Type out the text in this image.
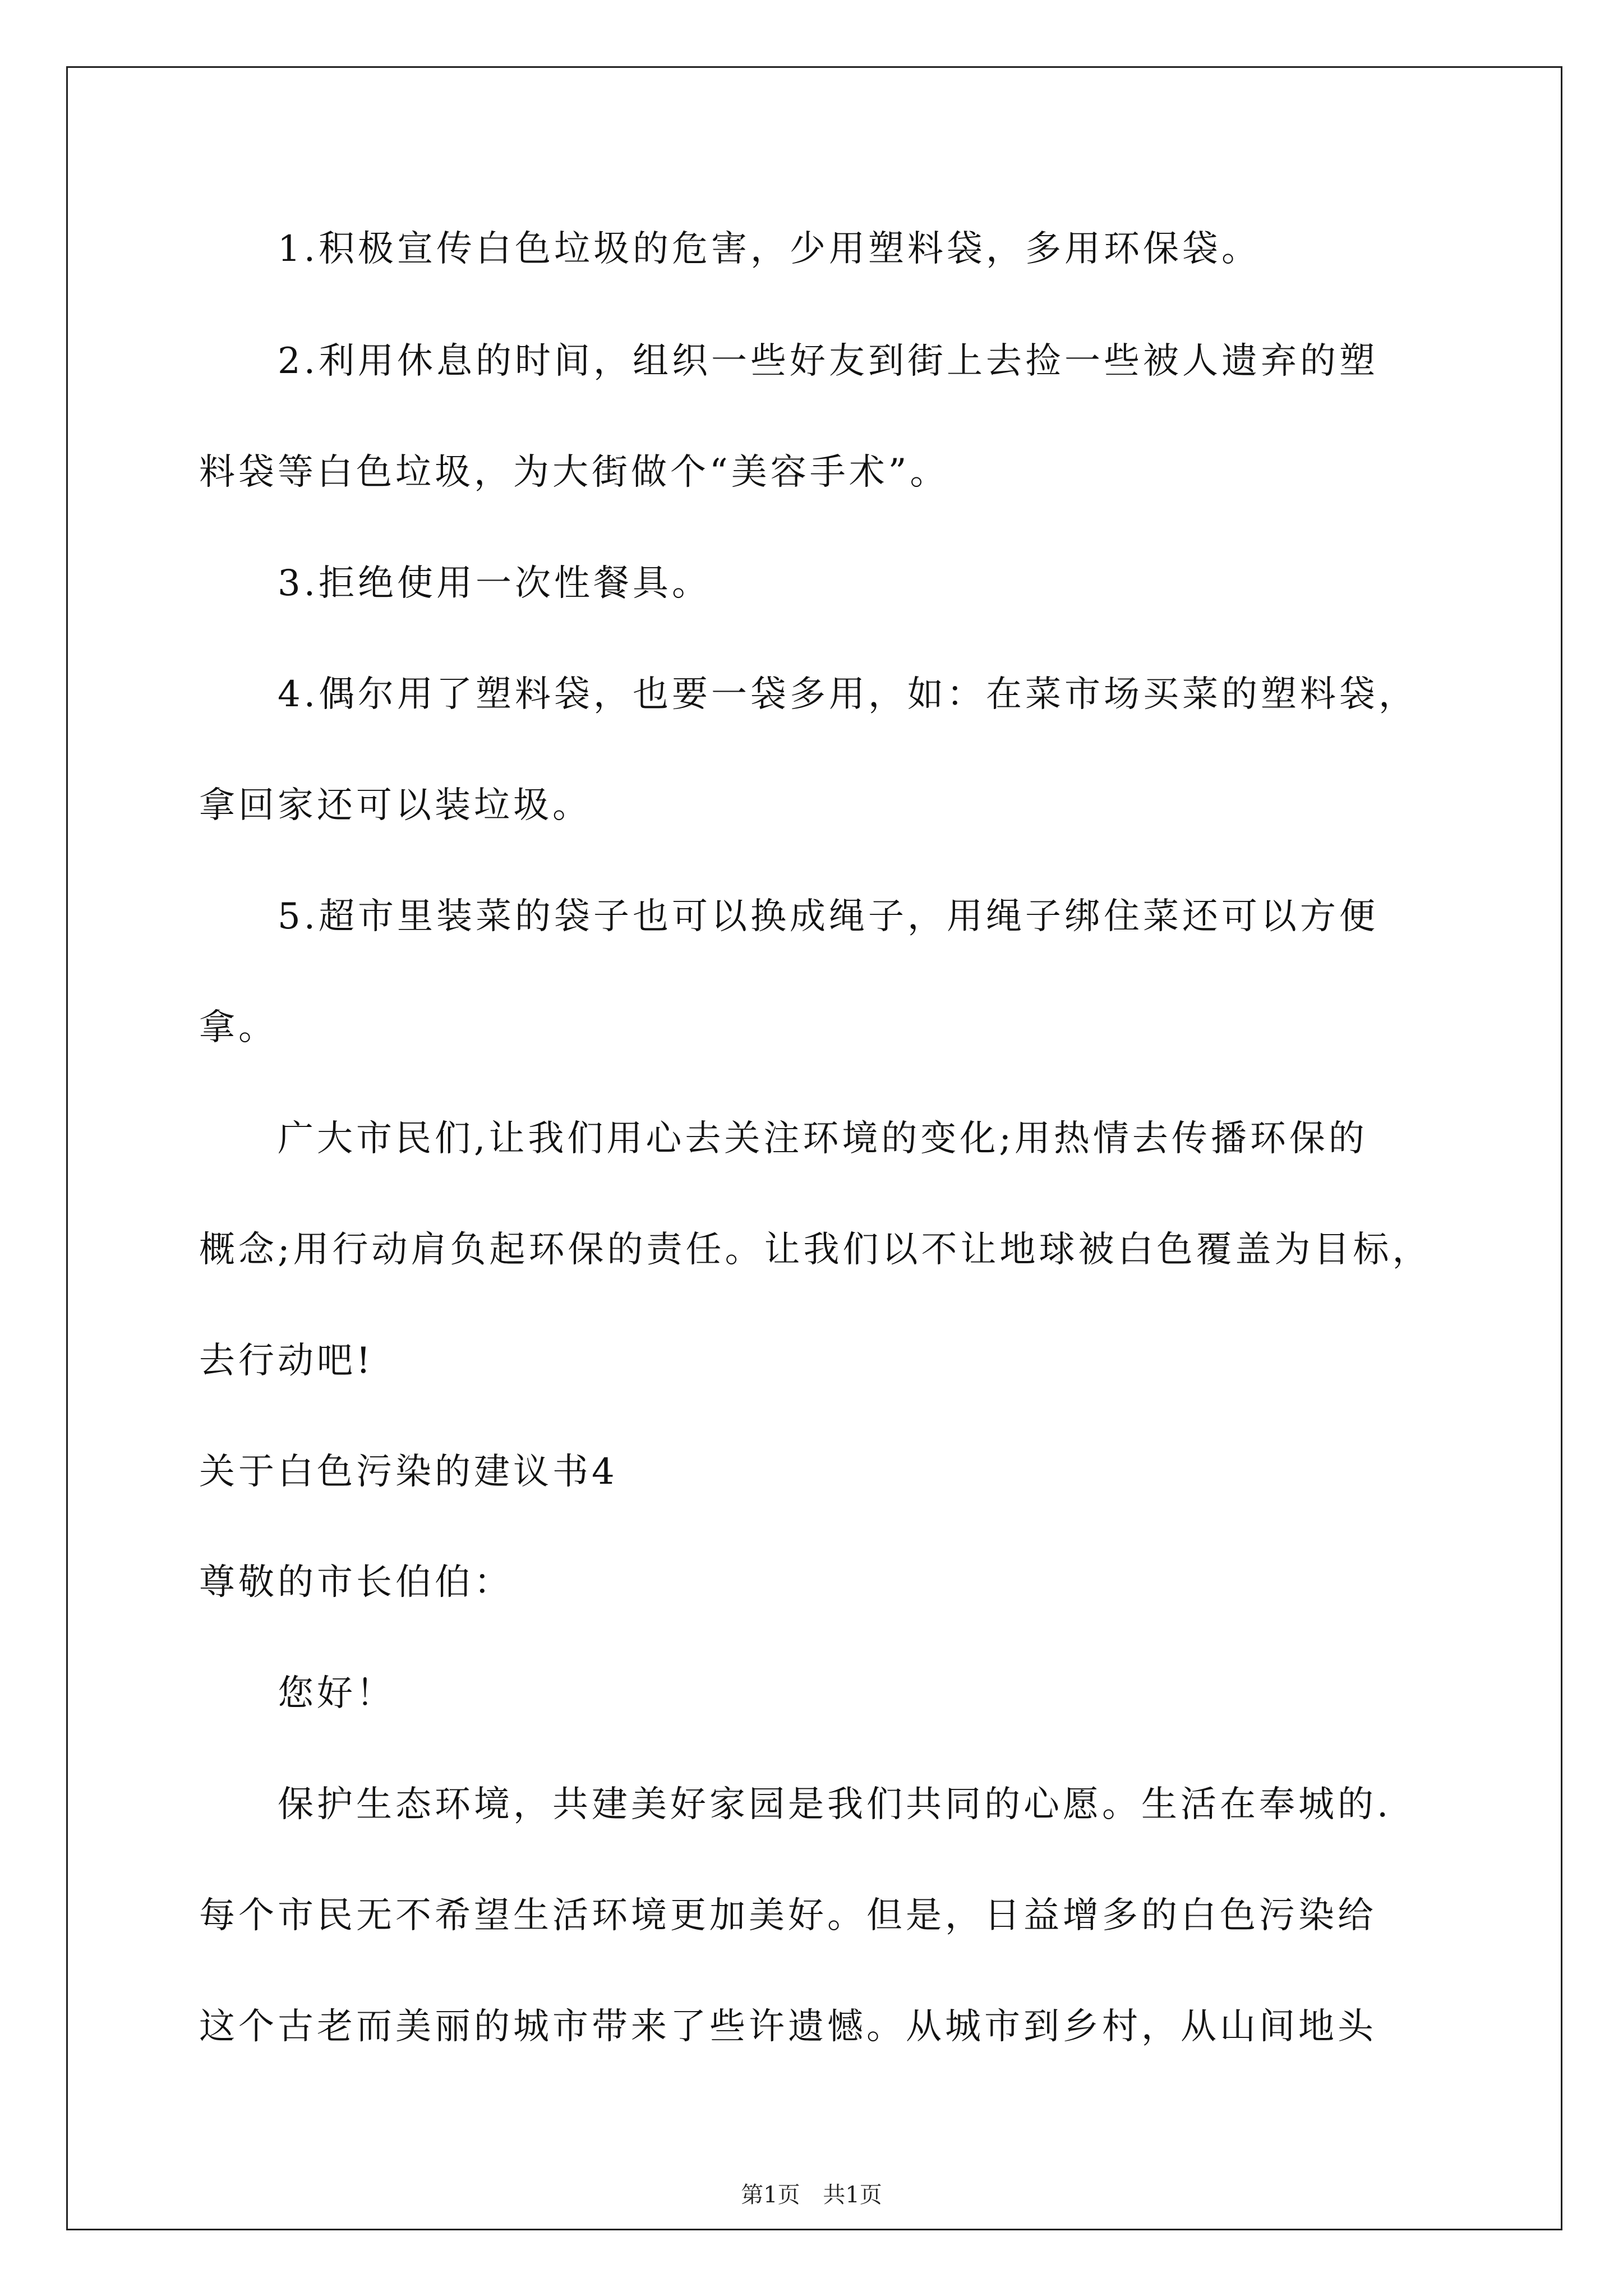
1.积极宣传白色垃圾的危害，少用塑料袋，多用环保袋。
2.利用休息的时间，组织一些好友到街上去捡一些被人遗弃的塑
料袋等白色垃圾，为大街做个“美容手术”。
3.拒绝使用一次性餐具。
4.偶尔用了塑料袋，也要一袋多用，如：在菜市场买菜的塑料袋，
拿回家还可以装垃圾。
5.超市里装菜的袋子也可以换成绳子，用绳子绑住菜还可以方便
拿。
广大市民们,让我们用心去关注环境的变化;用热情去传播环保的
概念;用行动肩负起环保的责任。让我们以不让地球被白色覆盖为目标，
去行动吧!
关于白色污染的建议书4
尊敬的市长伯伯：
您好！
保护生态环境，共建美好家园是我们共同的心愿。生活在奉城的.
每个市民无不希望生活环境更加美好。但是，日益增多的白色污染给
这个古老而美丽的城市带来了些许遗憾。从城市到乡村，从山间地头
第1页 共1页
